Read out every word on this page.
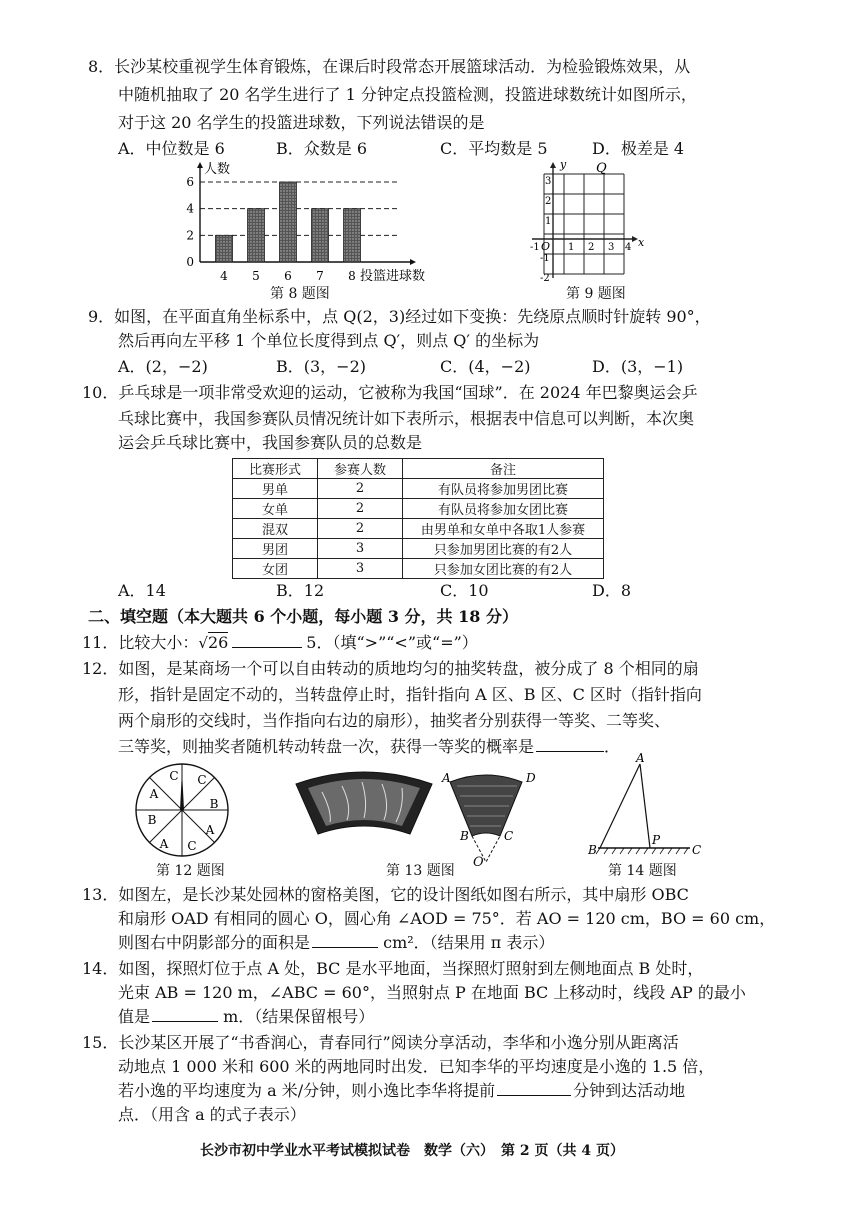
8．长沙某校重视学生体育锻炼，在课后时段常态开展篮球活动．为检验锻炼效果，从
中随机抽取了 20 名学生进行了 1 分钟定点投篮检测，投篮进球数统计如图所示，
对于这 20 名学生的投篮进球数，下列说法错误的是
A．中位数是 6	B．众数是 6	C．平均数是 5	D．极差是 4
0
2
4
6
人数
投篮进球数
4 5 6 7 8
第 8 题图
y
x
Q
O
-1	1 2 3 4
3
2
1
-1
-2
第 9 题图
9．如图，在平面直角坐标系中，点 Q(2，3)经过如下变换：先绕原点顺时针旋转 90°，
然后再向左平移 1 个单位长度得到点 Q′，则点 Q′ 的坐标为
A．(2，−2)	B．(3，−2)	C．(4，−2)	D．(3，−1)
10．乒乓球是一项非常受欢迎的运动，它被称为我国“国球”．在 2024 年巴黎奥运会乒
乓球比赛中，我国参赛队员情况统计如下表所示，根据表中信息可以判断，本次奥
运会乒乓球比赛中，我国参赛队员的总数是
比赛形式	参赛人数	备注
男单	2	有队员将参加男团比赛
女单	2	有队员将参加女团比赛
混双	2	由男单和女单中各取1人参赛
男团	3	只参加男团比赛的有2人
女团	3	只参加女团比赛的有2人
A．14	B．12	C．10	D．8
二、填空题（本大题共 6 个小题，每小题 3 分，共 18 分）
11．比较大小：√26	5．（填“>”“<”或“=”）
12．如图，是某商场一个可以自由转动的质地均匀的抽奖转盘，被分成了 8 个相同的扇
形，指针是固定不动的，当转盘停止时，指针指向 A 区、B 区、C 区时（指针指向
两个扇形的交线时，当作指向右边的扇形），抽奖者分别获得一等奖、二等奖、
三等奖，则抽奖者随机转动转盘一次，获得一等奖的概率是	．
C C
B
A
C
A
B
A
第 12 题图
A	D
B	C
O
第 13 题图
A
B
P
C
第 14 题图
13．如图左，是长沙某处园林的窗格美图，它的设计图纸如图右所示，其中扇形 OBC
和扇形 OAD 有相同的圆心 O，圆心角 ∠AOD = 75°．若 AO = 120 cm，BO = 60 cm，
则图右中阴影部分的面积是	cm²．（结果用 π 表示）
14．如图，探照灯位于点 A 处，BC 是水平地面，当探照灯照射到左侧地面点 B 处时，
光束 AB = 120 m，∠ABC = 60°，当照射点 P 在地面 BC 上移动时，线段 AP 的最小
值是	m．（结果保留根号）
15．长沙某区开展了“书香润心，青春同行”阅读分享活动，李华和小逸分别从距离活
动地点 1 000 米和 600 米的两地同时出发．已知李华的平均速度是小逸的 1.5 倍，
若小逸的平均速度为 a 米/分钟，则小逸比李华将提前	分钟到达活动地
点．（用含 a 的式子表示）
长沙市初中学业水平考试模拟试卷　数学（六）　第 2 页（共 4 页）
